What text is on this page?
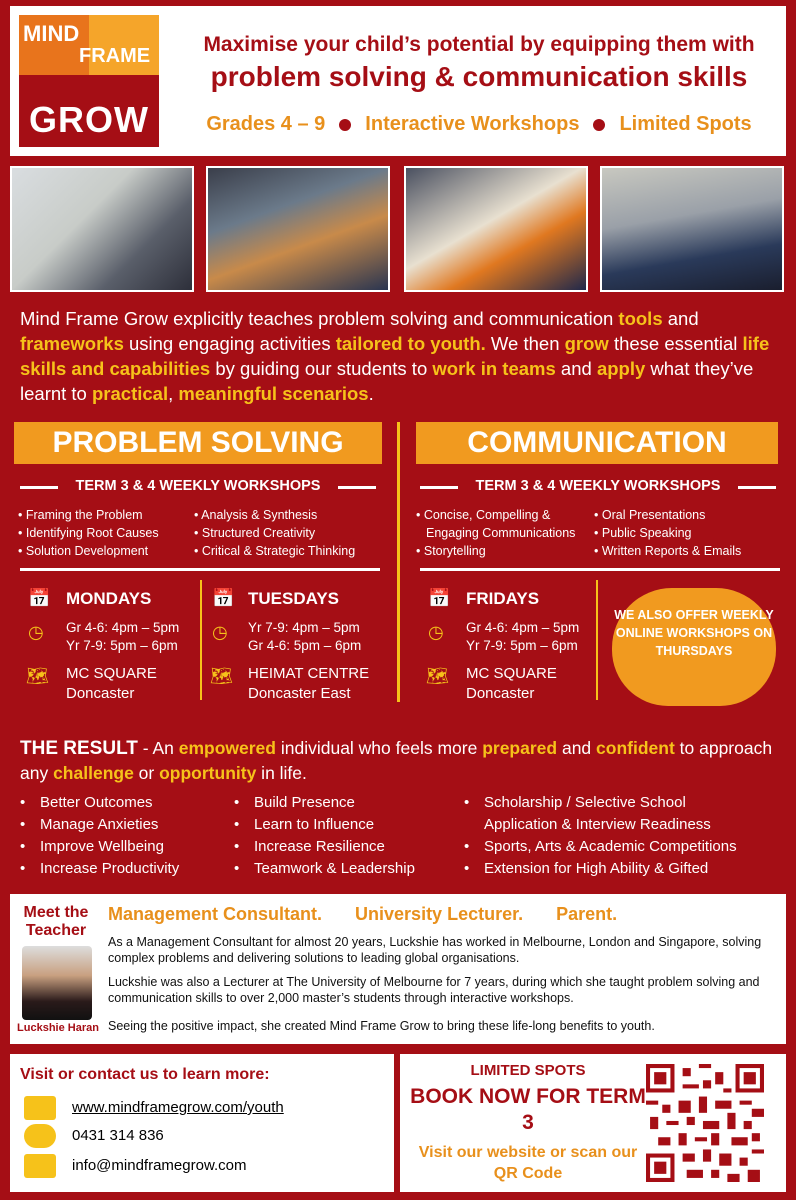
MIND
FRAME
GROW
Maximise your child’s potential by equipping them with
problem solving & communication skills
Grades 4 – 9 Interactive Workshops Limited Spots
Mind Frame Grow explicitly teaches problem solving and communication tools and frameworks using engaging activities tailored to youth. We then grow these essential life skills and capabilities by guiding our students to work in teams and apply what they’ve learnt to practical, meaningful scenarios.
PROBLEM SOLVING
TERM 3 & 4 WEEKLY WORKSHOPS
• Framing the Problem
• Identifying Root Causes
• Solution Development
• Analysis & Synthesis
• Structured Creativity
• Critical & Strategic Thinking
📅 MONDAYS
◷ Gr 4-6: 4pm – 5pm
Yr 7-9: 5pm – 6pm
🗺 MC SQUARE
Doncaster
📅 TUESDAYS
◷ Yr 7-9: 4pm – 5pm
Gr 4-6: 5pm – 6pm
🗺 HEIMAT CENTRE
Doncaster East
COMMUNICATION
TERM 3 & 4 WEEKLY WORKSHOPS
• Concise, Compelling &
Engaging Communications
• Storytelling
• Oral Presentations
• Public Speaking
• Written Reports & Emails
📅 FRIDAYS
◷ Gr 4-6: 4pm – 5pm
Yr 7-9: 5pm – 6pm
🗺 MC SQUARE
Doncaster
WE ALSO OFFER WEEKLY ONLINE WORKSHOPS ON THURSDAYS
THE RESULT - An empowered individual who feels more prepared and confident to approach any challenge or opportunity in life.
• Better Outcomes
• Manage Anxieties
• Improve Wellbeing
• Increase Productivity
• Build Presence
• Learn to Influence
• Increase Resilience
• Teamwork & Leadership
• Scholarship / Selective School
Application & Interview Readiness
• Sports, Arts & Academic Competitions
• Extension for High Ability & Gifted
Meet the Teacher
Luckshie Haran
Management Consultant. University Lecturer. Parent.
As a Management Consultant for almost 20 years, Luckshie has worked in Melbourne, London and Singapore, solving complex problems and delivering solutions to leading global organisations.
Luckshie was also a Lecturer at The University of Melbourne for 7 years, during which she taught problem solving and communication skills to over 2,000 master’s students through interactive workshops.
Seeing the positive impact, she created Mind Frame Grow to bring these life-long benefits to youth.
Visit or contact us to learn more:
www.mindframegrow.com/youth
0431 314 836
info@mindframegrow.com
LIMITED SPOTS
BOOK NOW FOR TERM 3
Visit our website or scan our QR Code
